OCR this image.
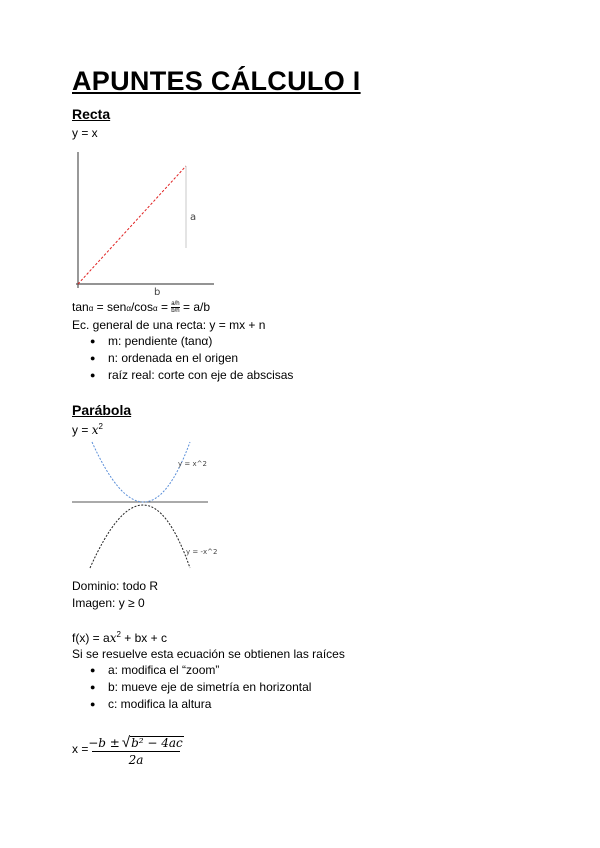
APUNTES CÁLCULO I
Recta
y = x
a
b
$\tan\alpha = sen\alpha/\cos\alpha = \frac{a/h}{b/h} = a/b$
Ec. general de una recta: y = mx + n
● m: pendiente (tanα)
● n: ordenada en el origen
● raíz real: corte con eje de abscisas
Parábola
$y = x^2$
y = x^2
y = -x^2
Dominio: todo R
Imagen: y ≥ 0
$f(x) = ax^2$ + bx + c
Si se resuelve esta ecuación se obtienen las raíces
● a: modifica el “zoom”
● b: mueve eje de simetría en horizontal
● c: modifica la altura
$x = \frac{\text{−b ± √ b² − 4ac}}{2a}$
